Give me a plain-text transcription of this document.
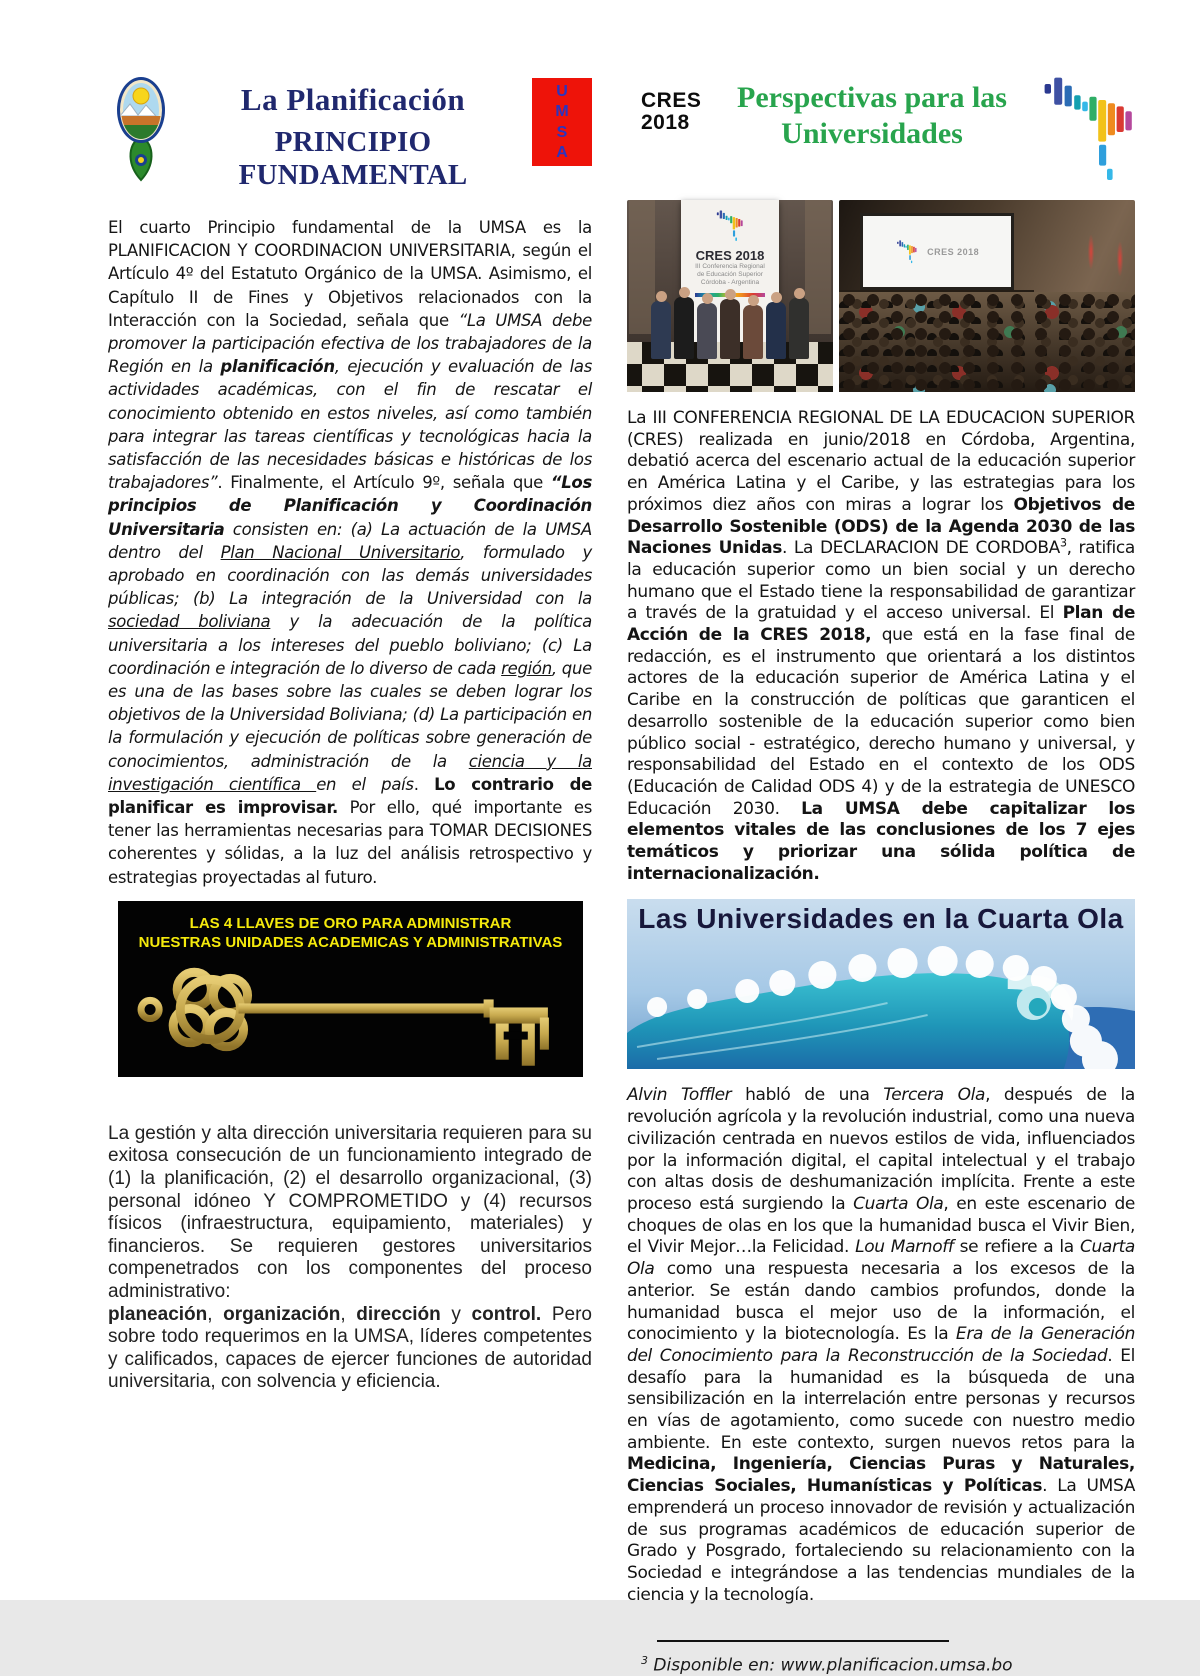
La Planificación
PRINCIPIO FUNDAMENTAL
U
M
S
A

El cuarto Principio fundamental de la UMSA es la PLANIFICACION Y COORDINACION UNIVERSITARIA, según el Artículo 4º del Estatuto Orgánico de la UMSA. Asimismo, el Capítulo II de Fines y Objetivos relacionados con la Interacción con la Sociedad, señala que “La UMSA debe promover la participación efectiva de los trabajadores de la Región en la planificación, ejecución y evaluación de las actividades académicas, con el fin de rescatar el conocimiento obtenido en estos niveles, así como también para integrar las tareas científicas y tecnológicas hacia la satisfacción de las necesidades básicas e históricas de los trabajadores”. Finalmente, el Artículo 9º, señala que “Los principios de Planificación y Coordinación Universitaria consisten en: (a) La actuación de la UMSA dentro del Plan Nacional Universitario, formulado y aprobado en coordinación con las demás universidades públicas; (b) La integración de la Universidad con la sociedad boliviana y la adecuación de la política universitaria a los intereses del pueblo boliviano; (c) La coordinación e integración de lo diverso de cada región, que es una de las bases sobre las cuales se deben lograr los objetivos de la Universidad Boliviana; (d) La participación en la formulación y ejecución de políticas sobre generación de conocimientos, administración de la ciencia y la investigación científica en el país. Lo contrario de planificar es improvisar. Por ello, qué importante es tener las herramientas necesarias para TOMAR DECISIONES coherentes y sólidas, a la luz del análisis retrospectivo y estrategias proyectadas al futuro.

LAS 4 LLAVES DE ORO PARA ADMINISTRAR
NUESTRAS UNIDADES ACADEMICAS Y ADMINISTRATIVAS

La gestión y alta dirección universitaria requieren para su exitosa consecución de un funcionamiento integrado de (1) la planificación, (2) el desarrollo organizacional, (3) personal idóneo Y COMPROMETIDO y (4) recursos físicos (infraestructura, equipamiento, materiales) y financieros. Se requieren gestores universitarios compenetrados con los componentes del proceso administrativo:

planeación, organización, dirección y control. Pero sobre todo requerimos en la UMSA, líderes competentes y calificados, capaces de ejercer funciones de autoridad universitaria, con solvencia y eficiencia.

CRES
2018
Perspectivas para las Universidades
CRES 2018
III Conferencia Regional
de Educación Superior
Córdoba - Argentina
CRES 2018

La III CONFERENCIA REGIONAL DE LA EDUCACION SUPERIOR (CRES) realizada en junio/2018 en Córdoba, Argentina, debatió acerca del escenario actual de la educación superior en América Latina y el Caribe, y las estrategias para los próximos diez años con miras a lograr los Objetivos de Desarrollo Sostenible (ODS) de la Agenda 2030 de las Naciones Unidas. La DECLARACION DE CORDOBA$^3$, ratifica la educación superior como un bien social y un derecho humano que el Estado tiene la responsabilidad de garantizar a través de la gratuidad y el acceso universal. El Plan de Acción de la CRES 2018, que está en la fase final de redacción, es el instrumento que orientará a los distintos actores de la educación superior de América Latina y el Caribe en la construcción de políticas que garanticen el desarrollo sostenible de la educación superior como bien público social - estratégico, derecho humano y universal, y responsabilidad del Estado en el contexto de los ODS (Educación de Calidad ODS 4) y de la estrategia de UNESCO Educación 2030. La UMSA debe capitalizar los elementos vitales de las conclusiones de los 7 ejes temáticos y priorizar una sólida política de internacionalización.

Las Universidades en la Cuarta Ola

Alvin Toffler habló de una Tercera Ola, después de la revolución agrícola y la revolución industrial, como una nueva civilización centrada en nuevos estilos de vida, influenciados por la información digital, el capital intelectual y el trabajo con altas dosis de deshumanización implícita. Frente a este proceso está surgiendo la Cuarta Ola, en este escenario de choques de olas en los que la humanidad busca el Vivir Bien, el Vivir Mejor…la Felicidad. Lou Marnoff se refiere a la Cuarta Ola como una respuesta necesaria a los excesos de la anterior. Se están dando cambios profundos, donde la humanidad busca el mejor uso de la información, el conocimiento y la biotecnología. Es la Era de la Generación del Conocimiento para la Reconstrucción de la Sociedad. El desafío para la humanidad es la búsqueda de una sensibilización en la interrelación entre personas y recursos en vías de agotamiento, como sucede con nuestro medio ambiente. En este contexto, surgen nuevos retos para la Medicina, Ingeniería, Ciencias Puras y Naturales, Ciencias Sociales, Humanísticas y Políticas. La UMSA emprenderá un proceso innovador de revisión y actualización de sus programas académicos de educación superior de Grado y Posgrado, fortaleciendo su relacionamiento con la Sociedad e integrándose a las tendencias mundiales de la ciencia y la tecnología.

$^3$ Disponible en: www.planificacion.umsa.bo
